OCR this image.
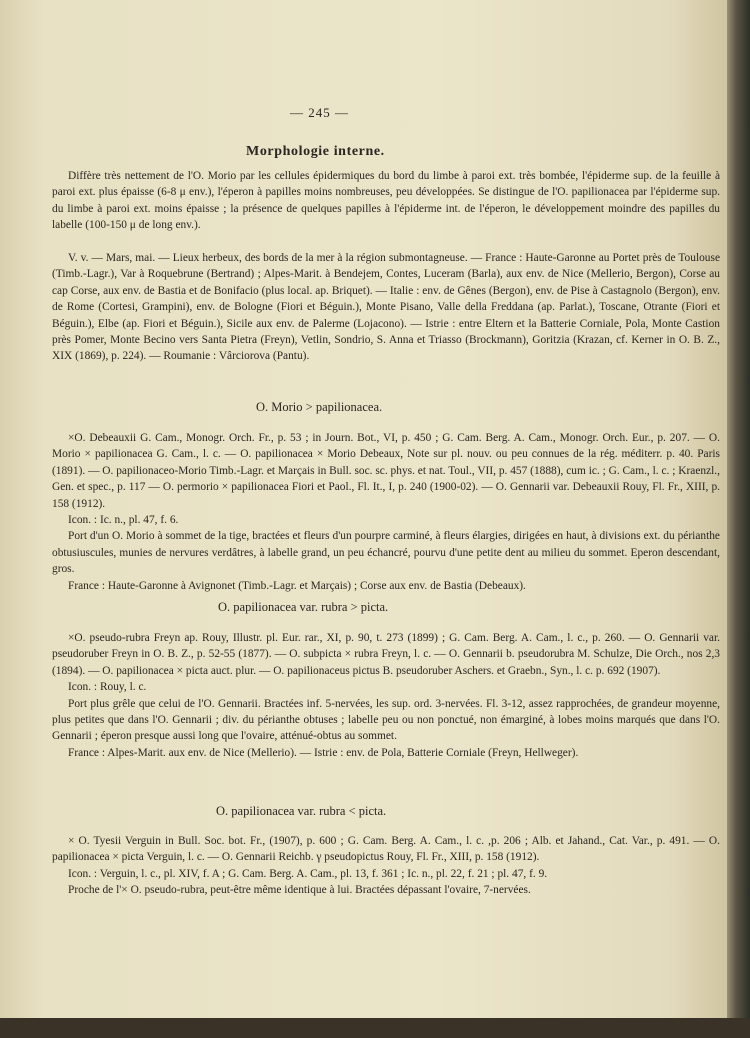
— 245 —
Morphologie interne.

Diffère très nettement de l'O. Morio par les cellules épidermiques du bord du limbe à paroi ext. très bombée, l'épiderme sup. de la feuille à paroi ext. plus épaisse (6-8 μ env.), l'éperon à papilles moins nombreuses, peu développées. Se distingue de l'O. papilionacea par l'épiderme sup. du limbe à paroi ext. moins épaisse ; la présence de quelques papilles à l'épiderme int. de l'éperon, le développement moindre des papilles du labelle (100-150 μ de long env.).

V. v. — Mars, mai. — Lieux herbeux, des bords de la mer à la région submontagneuse. — France : Haute-Garonne au Portet près de Toulouse (Timb.-Lagr.), Var à Roquebrune (Bertrand) ; Alpes-Marit. à Bendejem, Contes, Luceram (Barla), aux env. de Nice (Mellerio, Bergon), Corse au cap Corse, aux env. de Bastia et de Bonifacio (plus local. ap. Briquet). — Italie : env. de Gênes (Bergon), env. de Pise à Castagnolo (Bergon), env. de Rome (Cortesi, Grampini), env. de Bologne (Fiori et Béguin.), Monte Pisano, Valle della Freddana (ap. Parlat.), Toscane, Otrante (Fiori et Béguin.), Elbe (ap. Fiori et Béguin.), Sicile aux env. de Palerme (Lojacono). — Istrie : entre Eltern et la Batterie Corniale, Pola, Monte Castion près Pomer, Monte Becino vers Santa Pietra (Freyn), Vetlin, Sondrio, S. Anna et Triasso (Brockmann), Goritzia (Krazan, cf. Kerner in O. B. Z., XIX (1869), p. 224). — Roumanie : Vârciorova (Pantu).

O. Morio > papilionacea.

×O. Debeauxii G. Cam., Monogr. Orch. Fr., p. 53 ; in Journ. Bot., VI, p. 450 ; G. Cam. Berg. A. Cam., Monogr. Orch. Eur., p. 207. — O. Morio × papilionacea G. Cam., l. c. — O. papilionacea × Morio Debeaux, Note sur pl. nouv. ou peu connues de la rég. méditerr. p. 40. Paris (1891). — O. papilionaceo-Morio Timb.-Lagr. et Marçais in Bull. soc. sc. phys. et nat. Toul., VII, p. 457 (1888), cum ic. ; G. Cam., l. c. ; Kraenzl., Gen. et spec., p. 117 — O. permorio × papilionacea Fiori et Paol., Fl. It., I, p. 240 (1900-02). — O. Gennarii var. Debeauxii Rouy, Fl. Fr., XIII, p. 158 (1912).

Icon. : Ic. n., pl. 47, f. 6.

Port d'un O. Morio à sommet de la tige, bractées et fleurs d'un pourpre carminé, à fleurs élargies, dirigées en haut, à divisions ext. du périanthe obtusiuscules, munies de nervures verdâtres, à labelle grand, un peu échancré, pourvu d'une petite dent au milieu du sommet. Eperon descendant, gros.

France : Haute-Garonne à Avignonet (Timb.-Lagr. et Marçais) ; Corse aux env. de Bastia (Debeaux).

O. papilionacea var. rubra > picta.

×O. pseudo-rubra Freyn ap. Rouy, Illustr. pl. Eur. rar., XI, p. 90, t. 273 (1899) ; G. Cam. Berg. A. Cam., l. c., p. 260. — O. Gennarii var. pseudoruber Freyn in O. B. Z., p. 52-55 (1877). — O. subpicta × rubra Freyn, l. c. — O. Gennarii b. pseudorubra M. Schulze, Die Orch., nos 2,3 (1894). — O. papilionacea × picta auct. plur. — O. papilionaceus pictus B. pseudoruber Aschers. et Graebn., Syn., l. c. p. 692 (1907).

Icon. : Rouy, l. c.

Port plus grêle que celui de l'O. Gennarii. Bractées inf. 5-nervées, les sup. ord. 3-nervées. Fl. 3-12, assez rapprochées, de grandeur moyenne, plus petites que dans l'O. Gennarii ; div. du périanthe obtuses ; labelle peu ou non ponctué, non émarginé, à lobes moins marqués que dans l'O. Gennarii ; éperon presque aussi long que l'ovaire, atténué-obtus au sommet.

France : Alpes-Marit. aux env. de Nice (Mellerio). — Istrie : env. de Pola, Batterie Corniale (Freyn, Hellweger).

O. papilionacea var. rubra < picta.

× O. Tyesii Verguin in Bull. Soc. bot. Fr., (1907), p. 600 ; G. Cam. Berg. A. Cam., l. c. ,p. 206 ; Alb. et Jahand., Cat. Var., p. 491. — O. papilionacea × picta Verguin, l. c. — O. Gennarii Reichb. γ pseudopictus Rouy, Fl. Fr., XIII, p. 158 (1912).

Icon. : Verguin, l. c., pl. XIV, f. A ; G. Cam. Berg. A. Cam., pl. 13, f. 361 ; Ic. n., pl. 22, f. 21 ; pl. 47, f. 9.

Proche de l'× O. pseudo-rubra, peut-être même identique à lui. Bractées dépassant l'ovaire, 7-nervées.
